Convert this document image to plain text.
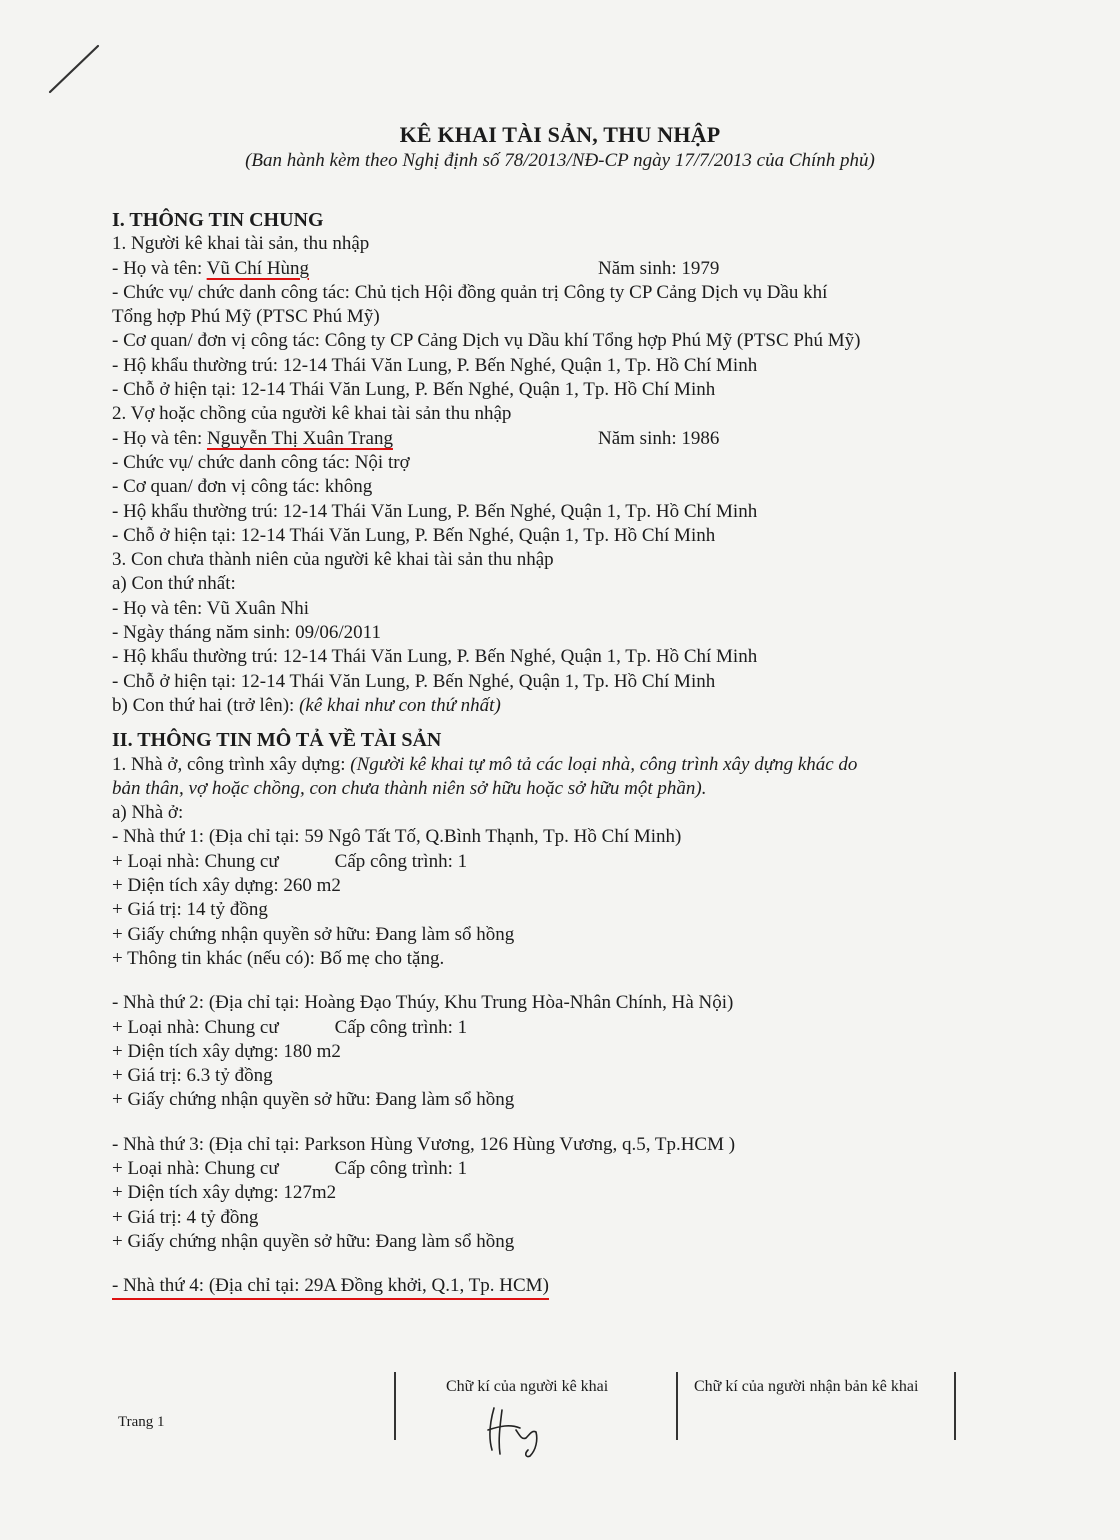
KÊ KHAI TÀI SẢN, THU NHẬP
(Ban hành kèm theo Nghị định số 78/2013/NĐ-CP ngày 17/7/2013 của Chính phủ)
I. THÔNG TIN CHUNG
1. Người kê khai tài sản, thu nhập
- Họ và tên: Vũ Chí Hùng	Năm sinh: 1979
- Chức vụ/ chức danh công tác: Chủ tịch Hội đồng quản trị Công ty CP Cảng Dịch vụ Dầu khí
Tổng hợp Phú Mỹ (PTSC Phú Mỹ)
- Cơ quan/ đơn vị công tác: Công ty CP Cảng Dịch vụ Dầu khí Tổng hợp Phú Mỹ (PTSC Phú Mỹ)
- Hộ khẩu thường trú: 12-14 Thái Văn Lung, P. Bến Nghé, Quận 1, Tp. Hồ Chí Minh
- Chỗ ở hiện tại: 12-14 Thái Văn Lung, P. Bến Nghé, Quận 1, Tp. Hồ Chí Minh
2. Vợ hoặc chồng của người kê khai tài sản thu nhập
- Họ và tên: Nguyễn Thị Xuân Trang	Năm sinh: 1986
- Chức vụ/ chức danh công tác: Nội trợ
- Cơ quan/ đơn vị công tác: không
- Hộ khẩu thường trú: 12-14 Thái Văn Lung, P. Bến Nghé, Quận 1, Tp. Hồ Chí Minh
- Chỗ ở hiện tại: 12-14 Thái Văn Lung, P. Bến Nghé, Quận 1, Tp. Hồ Chí Minh
3. Con chưa thành niên của người kê khai tài sản thu nhập
a) Con thứ nhất:
- Họ và tên: Vũ Xuân Nhi
- Ngày tháng năm sinh: 09/06/2011
- Hộ khẩu thường trú: 12-14 Thái Văn Lung, P. Bến Nghé, Quận 1, Tp. Hồ Chí Minh
- Chỗ ở hiện tại: 12-14 Thái Văn Lung, P. Bến Nghé, Quận 1, Tp. Hồ Chí Minh
b) Con thứ hai (trở lên): (kê khai như con thứ nhất)
II. THÔNG TIN MÔ TẢ VỀ TÀI SẢN
1. Nhà ở, công trình xây dựng: (Người kê khai tự mô tả các loại nhà, công trình xây dựng khác do
bản thân, vợ hoặc chồng, con chưa thành niên sở hữu hoặc sở hữu một phần).
a) Nhà ở:
- Nhà thứ 1: (Địa chỉ tại: 59 Ngô Tất Tố, Q.Bình Thạnh, Tp. Hồ Chí Minh)
+ Loại nhà: Chung cư	Cấp công trình: 1
+ Diện tích xây dựng: 260 m2
+ Giá trị: 14 tỷ đồng
+ Giấy chứng nhận quyền sở hữu: Đang làm sổ hồng
+ Thông tin khác (nếu có): Bố mẹ cho tặng.
- Nhà thứ 2: (Địa chỉ tại: Hoàng Đạo Thúy, Khu Trung Hòa-Nhân Chính, Hà Nội)
+ Loại nhà: Chung cư	Cấp công trình: 1
+ Diện tích xây dựng: 180 m2
+ Giá trị: 6.3 tỷ đồng
+ Giấy chứng nhận quyền sở hữu: Đang làm sổ hồng
- Nhà thứ 3: (Địa chỉ tại: Parkson Hùng Vương, 126 Hùng Vương, q.5, Tp.HCM )
+ Loại nhà: Chung cư	Cấp công trình: 1
+ Diện tích xây dựng: 127m2
+ Giá trị: 4 tỷ đồng
+ Giấy chứng nhận quyền sở hữu: Đang làm sổ hồng
- Nhà thứ 4: (Địa chỉ tại: 29A Đồng khởi, Q.1, Tp. HCM)
Chữ kí của người kê khai	Chữ kí của người nhận bản kê khai
Trang 1
